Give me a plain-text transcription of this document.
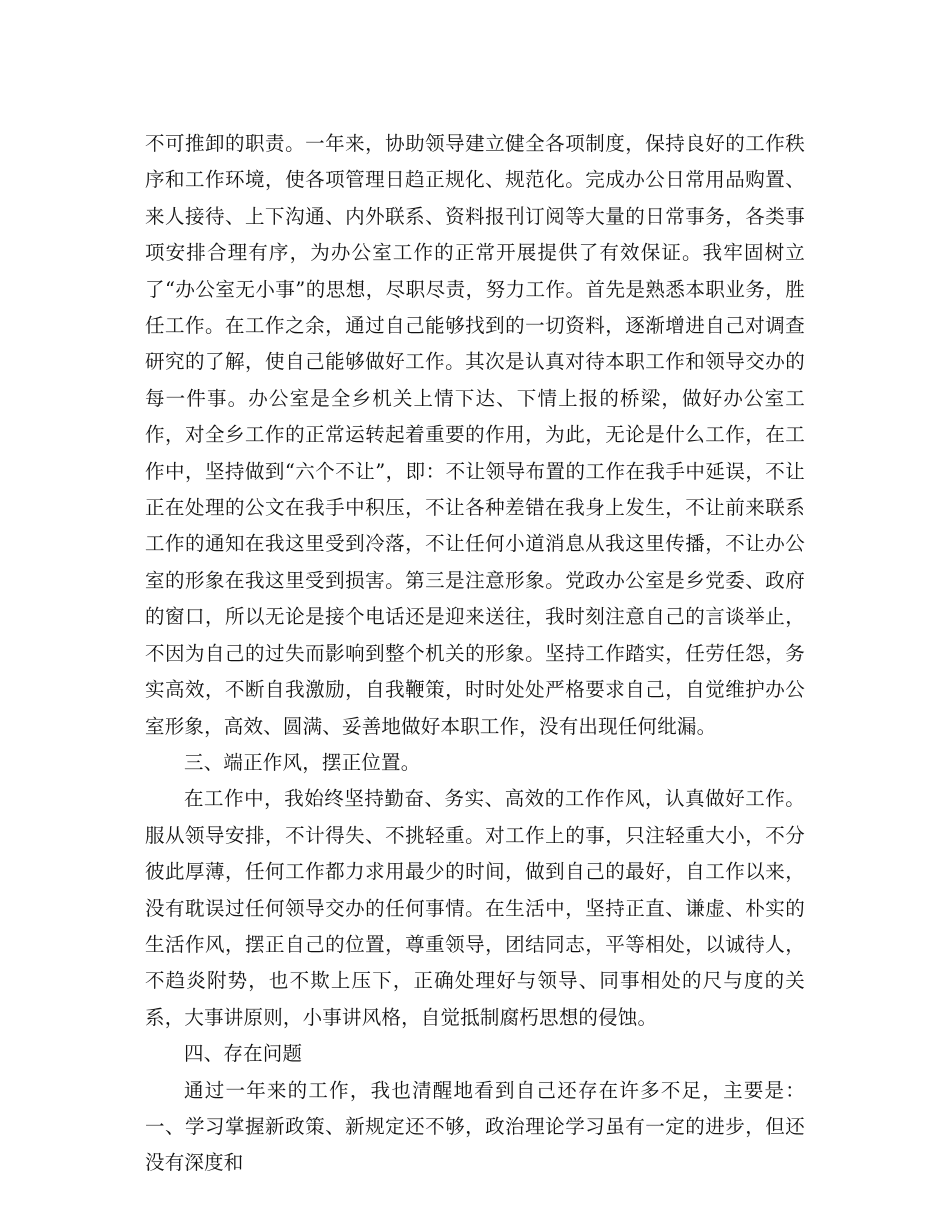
不可推卸的职责。一年来，协助领导建立健全各项制度，保持良好的工作秩序和工作环境，使各项管理日趋正规化、规范化。完成办公日常用品购置、来人接待、上下沟通、内外联系、资料报刊订阅等大量的日常事务，各类事项安排合理有序，为办公室工作的正常开展提供了有效保证。我牢固树立了“办公室无小事”的思想，尽职尽责，努力工作。首先是熟悉本职业务，胜任工作。在工作之余，通过自己能够找到的一切资料，逐渐增进自己对调查研究的了解，使自己能够做好工作。其次是认真对待本职工作和领导交办的每一件事。办公室是全乡机关上情下达、下情上报的桥梁，做好办公室工作，对全乡工作的正常运转起着重要的作用，为此，无论是什么工作，在工作中，坚持做到“六个不让”，即：不让领导布置的工作在我手中延误，不让正在处理的公文在我手中积压，不让各种差错在我身上发生，不让前来联系工作的通知在我这里受到冷落，不让任何小道消息从我这里传播，不让办公室的形象在我这里受到损害。第三是注意形象。党政办公室是乡党委、政府的窗口，所以无论是接个电话还是迎来送往，我时刻注意自己的言谈举止，不因为自己的过失而影响到整个机关的形象。坚持工作踏实，任劳任怨，务实高效，不断自我激励，自我鞭策，时时处处严格要求自己，自觉维护办公室形象，高效、圆满、妥善地做好本职工作，没有出现任何纰漏。

三、端正作风，摆正位置。

在工作中，我始终坚持勤奋、务实、高效的工作作风，认真做好工作。服从领导安排，不计得失、不挑轻重。对工作上的事，只注轻重大小，不分彼此厚薄，任何工作都力求用最少的时间，做到自己的最好，自工作以来，没有耽误过任何领导交办的任何事情。在生活中，坚持正直、谦虚、朴实的生活作风，摆正自己的位置，尊重领导，团结同志，平等相处，以诚待人，不趋炎附势，也不欺上压下，正确处理好与领导、同事相处的尺与度的关系，大事讲原则，小事讲风格，自觉抵制腐朽思想的侵蚀。

四、存在问题

通过一年来的工作，我也清醒地看到自己还存在许多不足，主要是：一、学习掌握新政策、新规定还不够，政治理论学习虽有一定的进步，但还没有深度和
